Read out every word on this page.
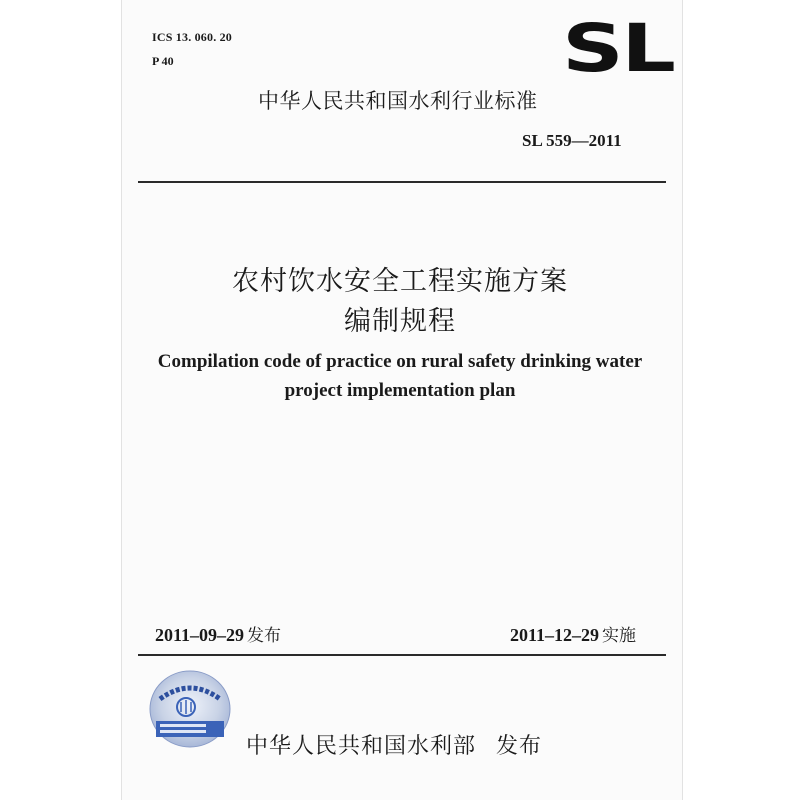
ICS 13. 060. 20
P 40	SL
中华人民共和国水利行业标准
SL 559—2011
农村饮水安全工程实施方案
编制规程
Compilation code of practice on rural safety drinking water
project implementation plan
2011–09–29 发布	2011–12–29 实施
中华人民共和国水利部 发布
